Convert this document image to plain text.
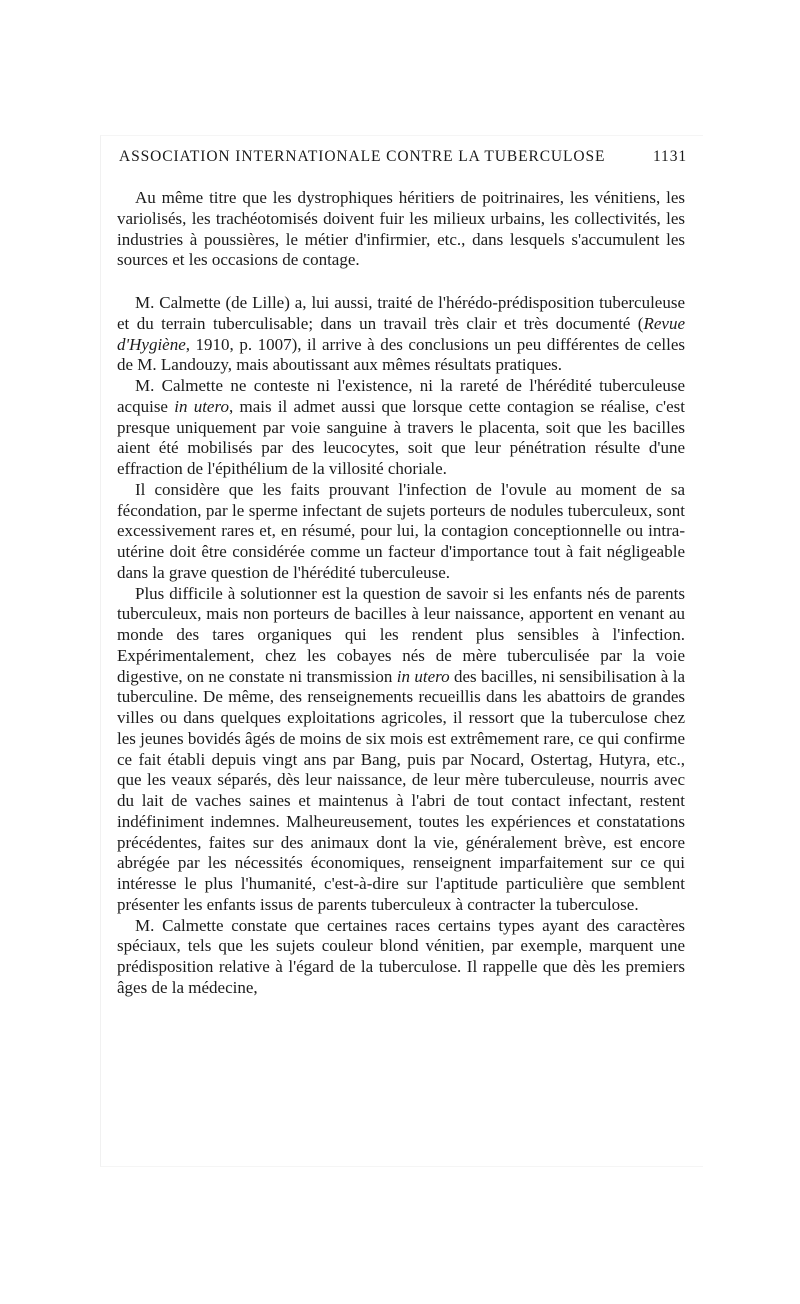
ASSOCIATION INTERNATIONALE CONTRE LA TUBERCULOSE	1131

Au même titre que les dystrophiques héritiers de poitrinaires, les vénitiens, les variolisés, les trachéotomisés doivent fuir les milieux urbains, les collectivités, les industries à poussières, le métier d'infirmier, etc., dans lesquels s'accumulent les sources et les occasions de contage.

M. Calmette (de Lille) a, lui aussi, traité de l'hérédo-prédisposition tuberculeuse et du terrain tuberculisable; dans un travail très clair et très documenté (Revue d'Hygiène, 1910, p. 1007), il arrive à des conclusions un peu différentes de celles de M. Landouzy, mais aboutissant aux mêmes résultats pratiques.

M. Calmette ne conteste ni l'existence, ni la rareté de l'hérédité tuberculeuse acquise in utero, mais il admet aussi que lorsque cette contagion se réalise, c'est presque uniquement par voie sanguine à travers le placenta, soit que les bacilles aient été mobilisés par des leucocytes, soit que leur pénétration résulte d'une effraction de l'épithélium de la villosité choriale.

Il considère que les faits prouvant l'infection de l'ovule au moment de sa fécondation, par le sperme infectant de sujets porteurs de nodules tuberculeux, sont excessivement rares et, en résumé, pour lui, la contagion conceptionnelle ou intra-utérine doit être considérée comme un facteur d'importance tout à fait négligeable dans la grave question de l'hérédité tuberculeuse.

Plus difficile à solutionner est la question de savoir si les enfants nés de parents tuberculeux, mais non porteurs de bacilles à leur naissance, apportent en venant au monde des tares organiques qui les rendent plus sensibles à l'infection. Expérimentalement, chez les cobayes nés de mère tuberculisée par la voie digestive, on ne constate ni transmission in utero des bacilles, ni sensibilisation à la tuberculine. De même, des renseignements recueillis dans les abattoirs de grandes villes ou dans quelques exploitations agricoles, il ressort que la tuberculose chez les jeunes bovidés âgés de moins de six mois est extrêmement rare, ce qui confirme ce fait établi depuis vingt ans par Bang, puis par Nocard, Ostertag, Hutyra, etc., que les veaux séparés, dès leur naissance, de leur mère tuberculeuse, nourris avec du lait de vaches saines et maintenus à l'abri de tout contact infectant, restent indéfiniment indemnes. Malheureusement, toutes les expériences et constatations précédentes, faites sur des animaux dont la vie, généralement brève, est encore abrégée par les nécessités économiques, renseignent imparfaitement sur ce qui intéresse le plus l'humanité, c'est-à-dire sur l'aptitude particulière que semblent présenter les enfants issus de parents tuberculeux à contracter la tuberculose.

M. Calmette constate que certaines races certains types ayant des caractères spéciaux, tels que les sujets couleur blond vénitien, par exemple, marquent une prédisposition relative à l'égard de la tuberculose. Il rappelle que dès les premiers âges de la médecine,
